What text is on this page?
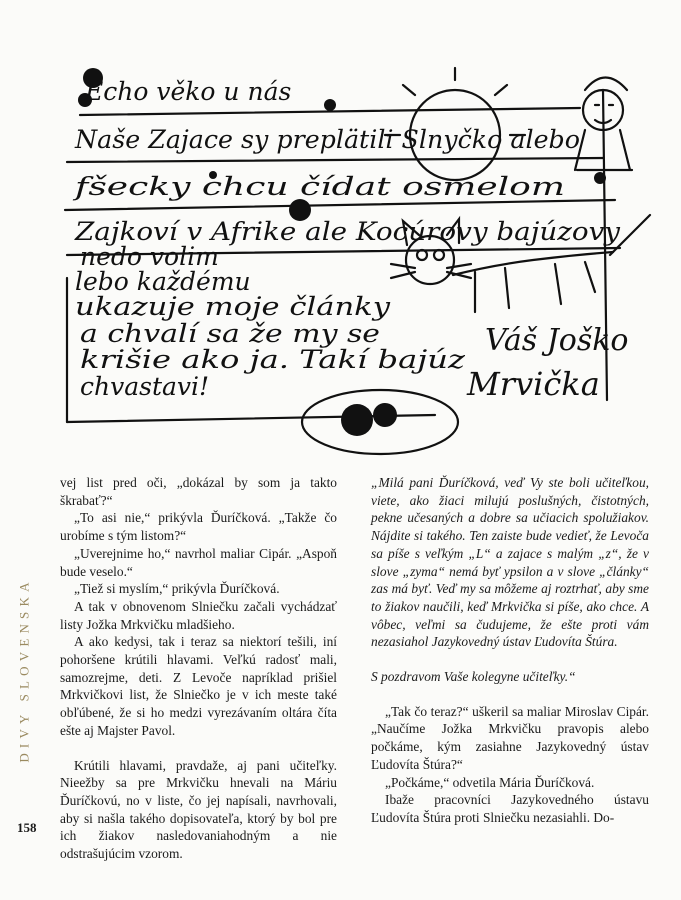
Echo věko u nás
Naše Zajace sy preplätili Slnyčko alebo
fšecky chcu čídat osmelom
Zajkoví v Afrike ale Kocúrovy bajúzovy
nedo volim
lebo každému
ukazuje moje články
a chvalí sa že my se
krišie ako ja. Takí bajúz
chvastavi!
Váš Joško
Mrvička

vej list pred oči, „dokázal by som ja takto škrabať?“

„To asi nie,“ prikývla Ďuríčková. „Takže čo urobíme s tým listom?“

„Uverejnime ho,“ navrhol maliar Cipár. „Aspoň bude veselo.“

„Tiež si myslím,“ prikývla Ďuríčková.

A tak v obnovenom Slniečku začali vychádzať listy Jožka Mrkvičku mladšieho.

A ako kedysi, tak i teraz sa niektorí tešili, iní pohoršene krútili hlavami. Veľkú radosť mali, samozrejme, deti. Z Levoče napríklad prišiel Mrkvičkovi list, že Slniečko je v ich meste také obľúbené, že si ho medzi vyrezávaním oltára číta ešte aj Majster Pavol.

Krútili hlavami, pravdaže, aj pani učiteľky. Nieežby sa pre Mrkvičku hnevali na Máriu Ďuríčkovú, no v liste, čo jej napísali, navrhovali, aby si našla takého dopisovateľa, ktorý by bol pre ich žiakov nasledovaniahodným a nie odstrašujúcim vzorom.

„Milá pani Ďuríčková, veď Vy ste boli učiteľkou, viete, ako žiaci milujú poslušných, čistotných, pekne učesaných a dobre sa učiacich spolužiakov. Nájdite si takého. Ten zaiste bude vedieť, že Levoča sa píše s veľkým „L“ a zajace s malým „z“, že v slove „zyma“ nemá byť ypsilon a v slove „články“ zas má byť. Veď my sa môžeme aj roztrhať, aby sme to žiakov naučili, keď Mrkvička si píše, ako chce. A vôbec, veľmi sa čudujeme, že ešte proti vám nezasiahol Jazykovedný ústav Ľudovíta Štúra.

S pozdravom Vaše kolegyne učiteľky.“

„Tak čo teraz?“ uškeril sa maliar Miroslav Cipár. „Naučíme Jožka Mrkvičku pravopis alebo počkáme, kým zasiahne Jazykovedný ústav Ľudovíta Štúra?“

„Počkáme,“ odvetila Mária Ďuríčková.

Ibaže pracovníci Jazykovedného ústavu Ľudovíta Štúra proti Slniečku nezasiahli. Do-

DIVY SLOVENSKA
158
